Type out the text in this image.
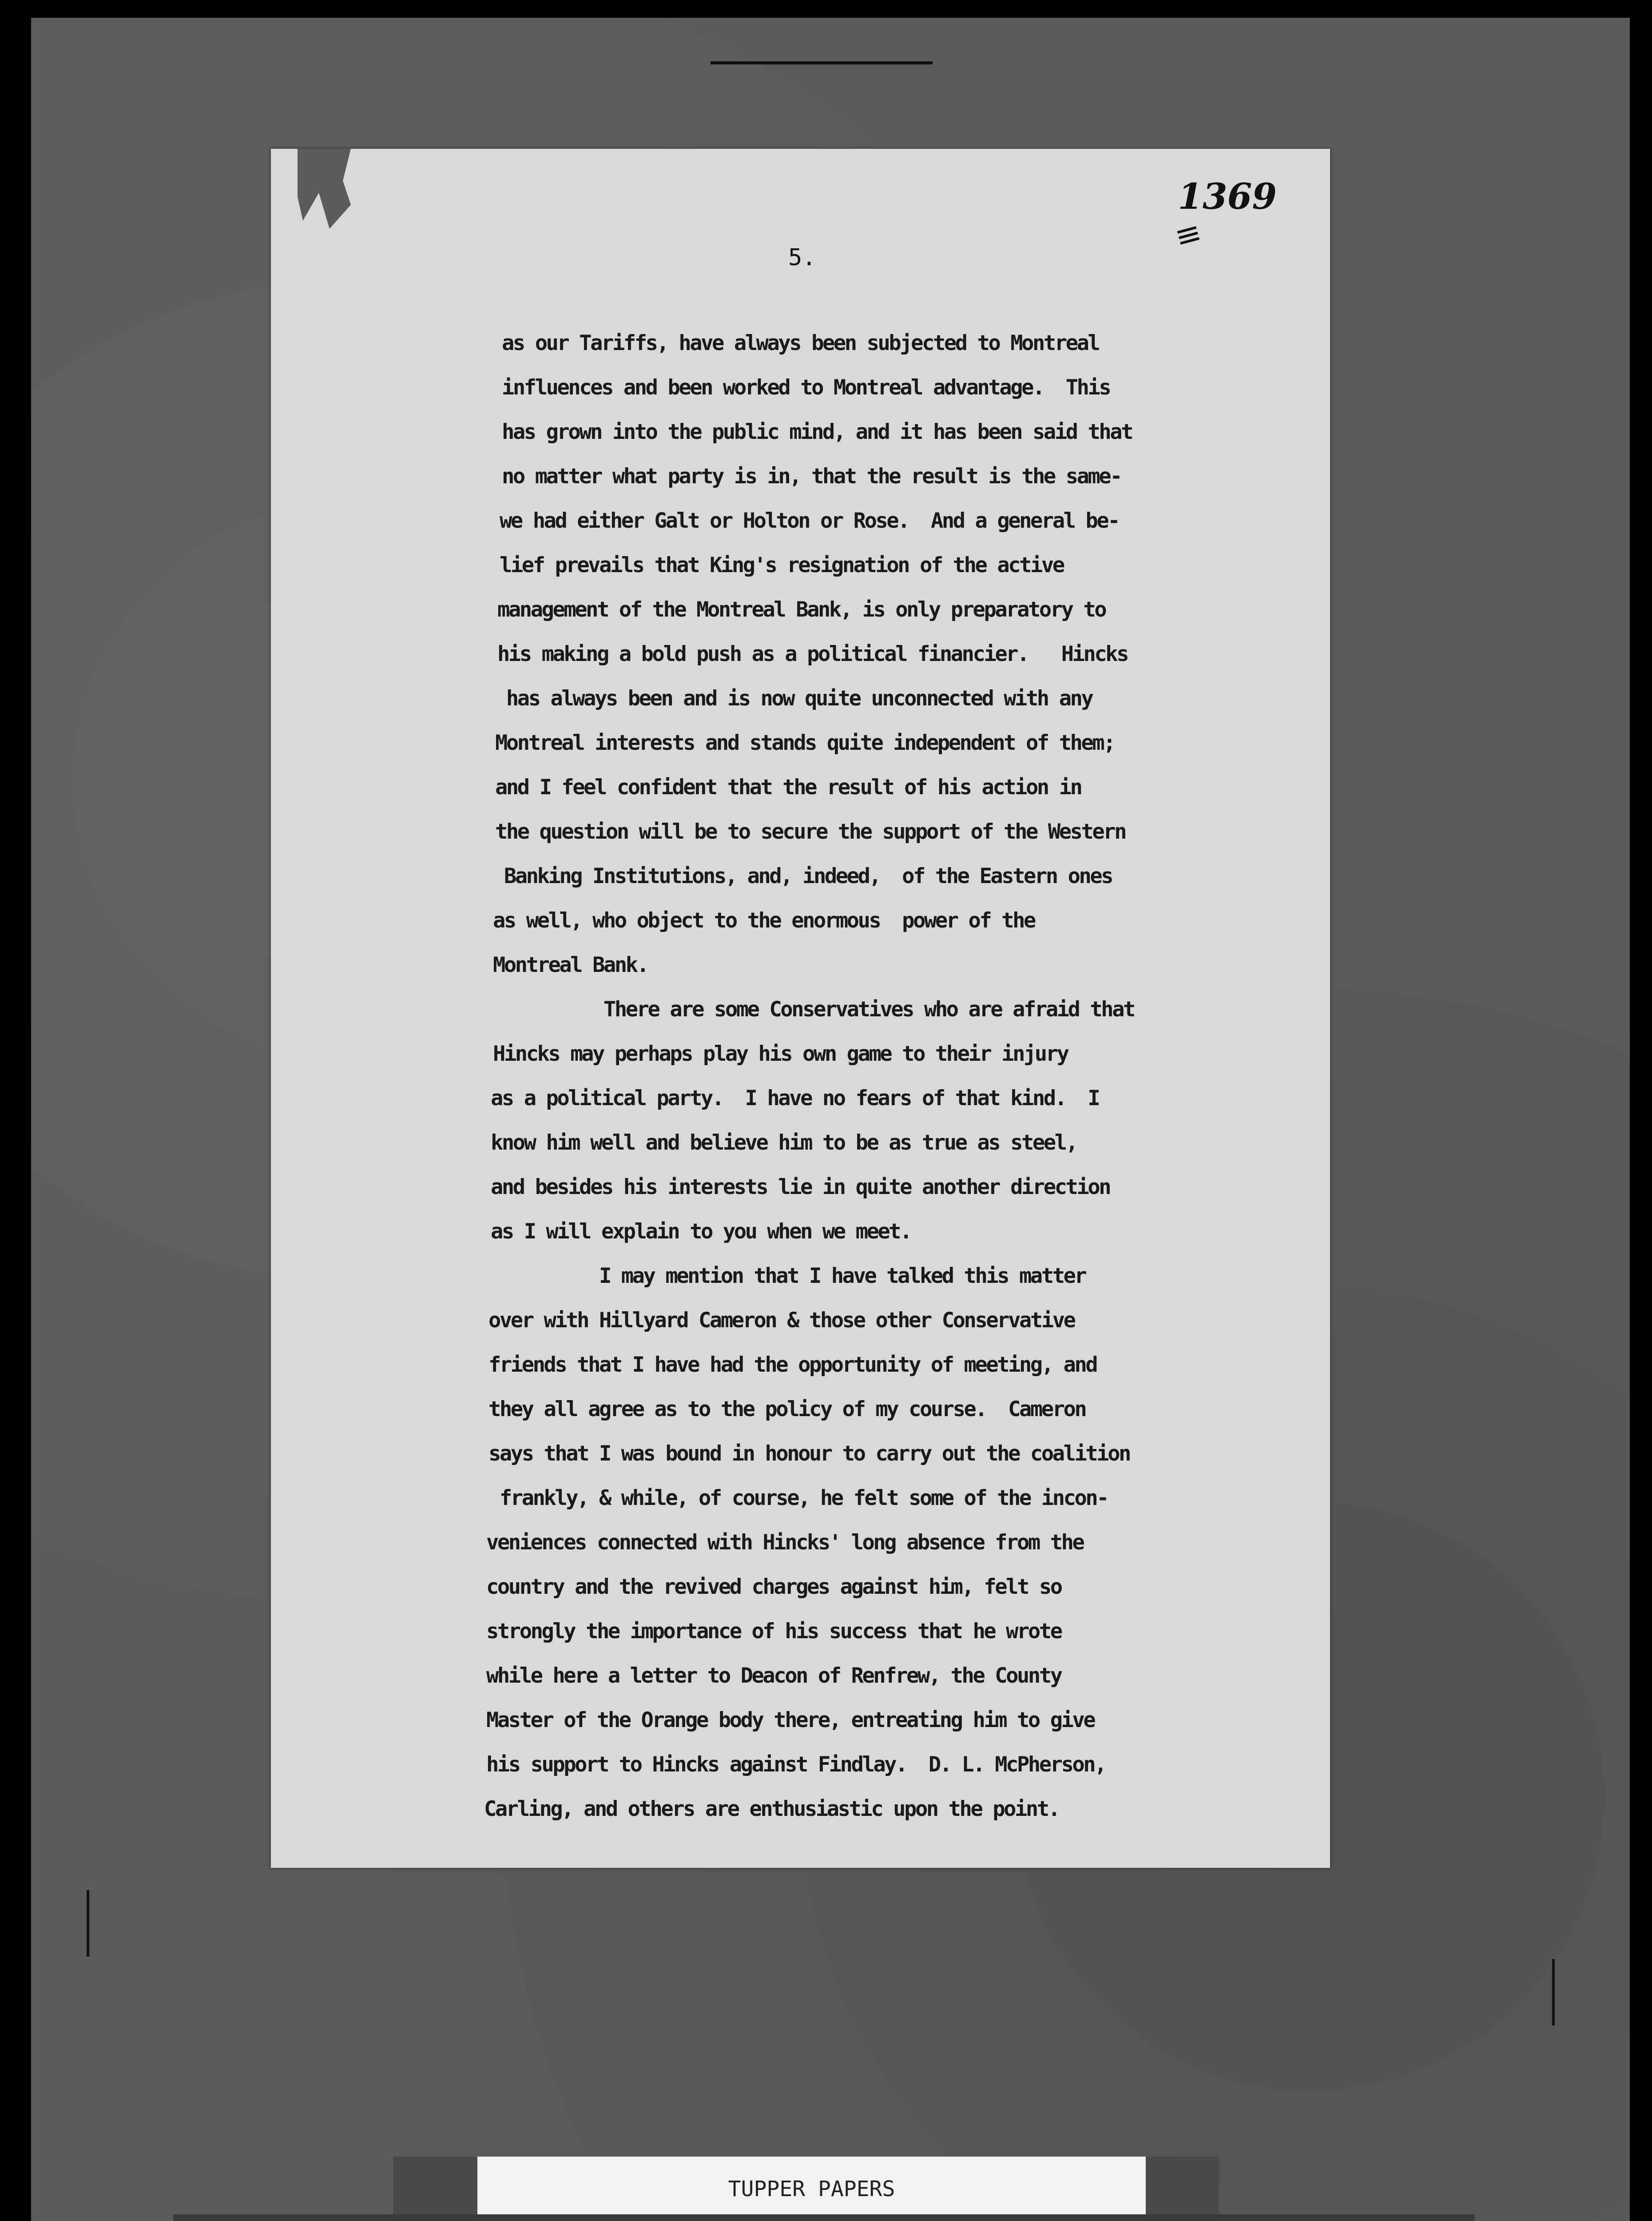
1369
≡
5.
as our Tariffs, have always been subjected to Montreal
influences and been worked to Montreal advantage.  This
has grown into the public mind, and it has been said that
no matter what party is in, that the result is the same-
we had either Galt or Holton or Rose.  And a general be-
lief prevails that King's resignation of the active
management of the Montreal Bank, is only preparatory to
his making a bold push as a political financier.   Hincks
has always been and is now quite unconnected with any
Montreal interests and stands quite independent of them;
and I feel confident that the result of his action in
the question will be to secure the support of the Western
Banking Institutions, and, indeed,  of the Eastern ones
as well, who object to the enormous  power of the
Montreal Bank.
There are some Conservatives who are afraid that
Hincks may perhaps play his own game to their injury
as a political party.  I have no fears of that kind.  I
know him well and believe him to be as true as steel,
and besides his interests lie in quite another direction
as I will explain to you when we meet.
I may mention that I have talked this matter
over with Hillyard Cameron & those other Conservative
friends that I have had the opportunity of meeting, and
they all agree as to the policy of my course.  Cameron
says that I was bound in honour to carry out the coalition
frankly, & while, of course, he felt some of the incon-
veniences connected with Hincks' long absence from the
country and the revived charges against him, felt so
strongly the importance of his success that he wrote
while here a letter to Deacon of Renfrew, the County
Master of the Orange body there, entreating him to give
his support to Hincks against Findlay.  D. L. McPherson,
Carling, and others are enthusiastic upon the point.
TUPPER PAPERS
